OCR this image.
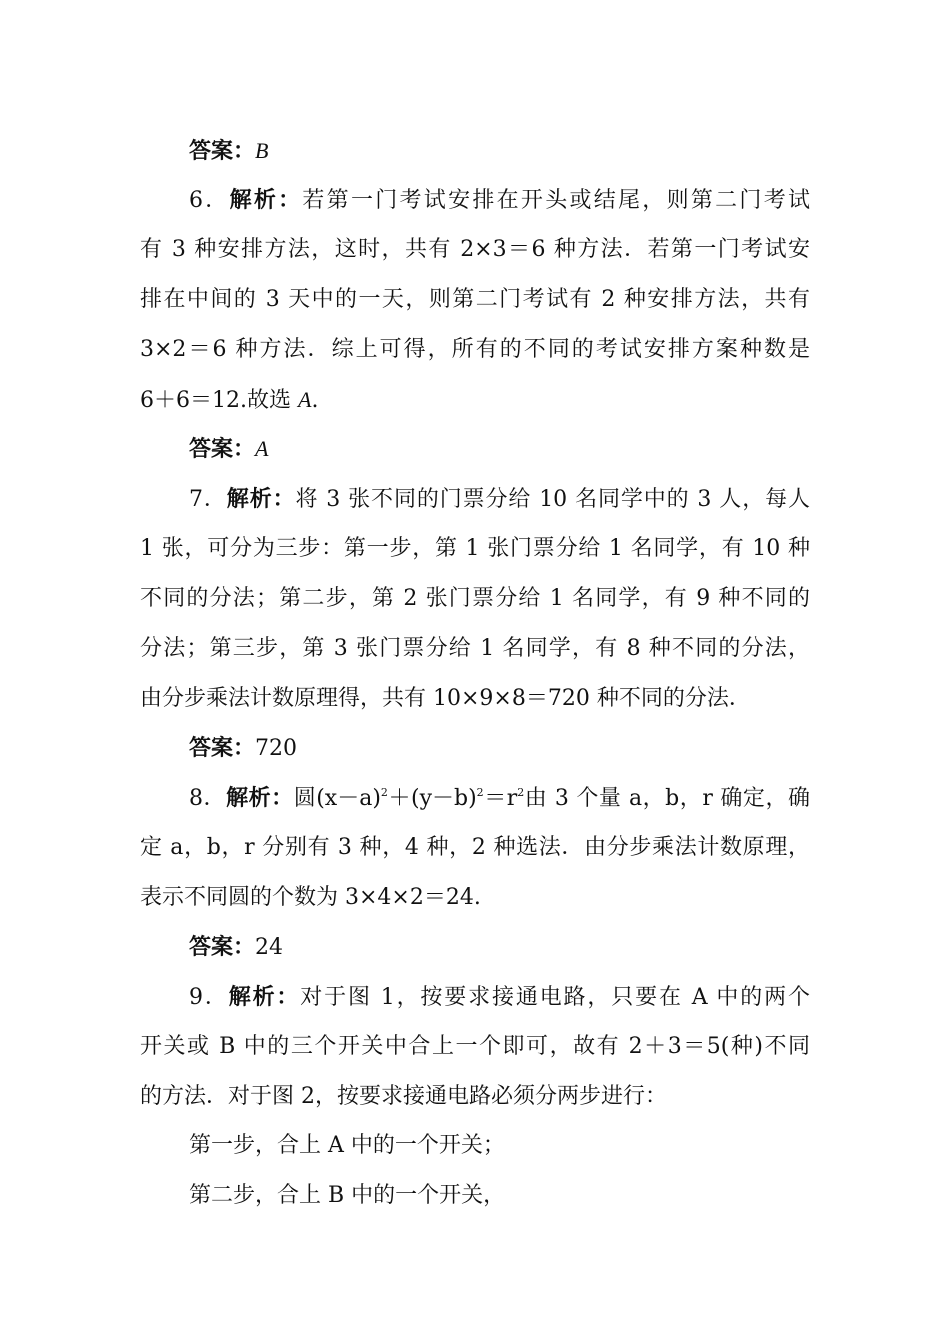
答案：B
6．解析：若第一门考试安排在开头或结尾，则第二门考试
有 3 种安排方法，这时，共有 2×3＝6 种方法．若第一门考试安
排在中间的 3 天中的一天，则第二门考试有 2 种安排方法，共有
3×2＝6 种方法．综上可得，所有的不同的考试安排方案种数是
6＋6＝12.故选 A.
答案：A
7．解析：将 3 张不同的门票分给 10 名同学中的 3 人，每人
1 张，可分为三步：第一步，第 1 张门票分给 1 名同学，有 10 种
不同的分法；第二步，第 2 张门票分给 1 名同学，有 9 种不同的
分法；第三步，第 3 张门票分给 1 名同学，有 8 种不同的分法，
由分步乘法计数原理得，共有 10×9×8＝720 种不同的分法．
答案：720
8．解析：圆$(x-a)^2+(y-b)^2=r^2$由 3 个量 a，b，r 确定，确
定 a，b，r 分别有 3 种，4 种，2 种选法．由分步乘法计数原理，
表示不同圆的个数为 3×4×2＝24.
答案：24
9．解析：对于图 1，按要求接通电路，只要在 A 中的两个
开关或 B 中的三个开关中合上一个即可，故有 2＋3＝5(种)不同
的方法．对于图 2，按要求接通电路必须分两步进行：
第一步，合上 A 中的一个开关；
第二步，合上 B 中的一个开关，
